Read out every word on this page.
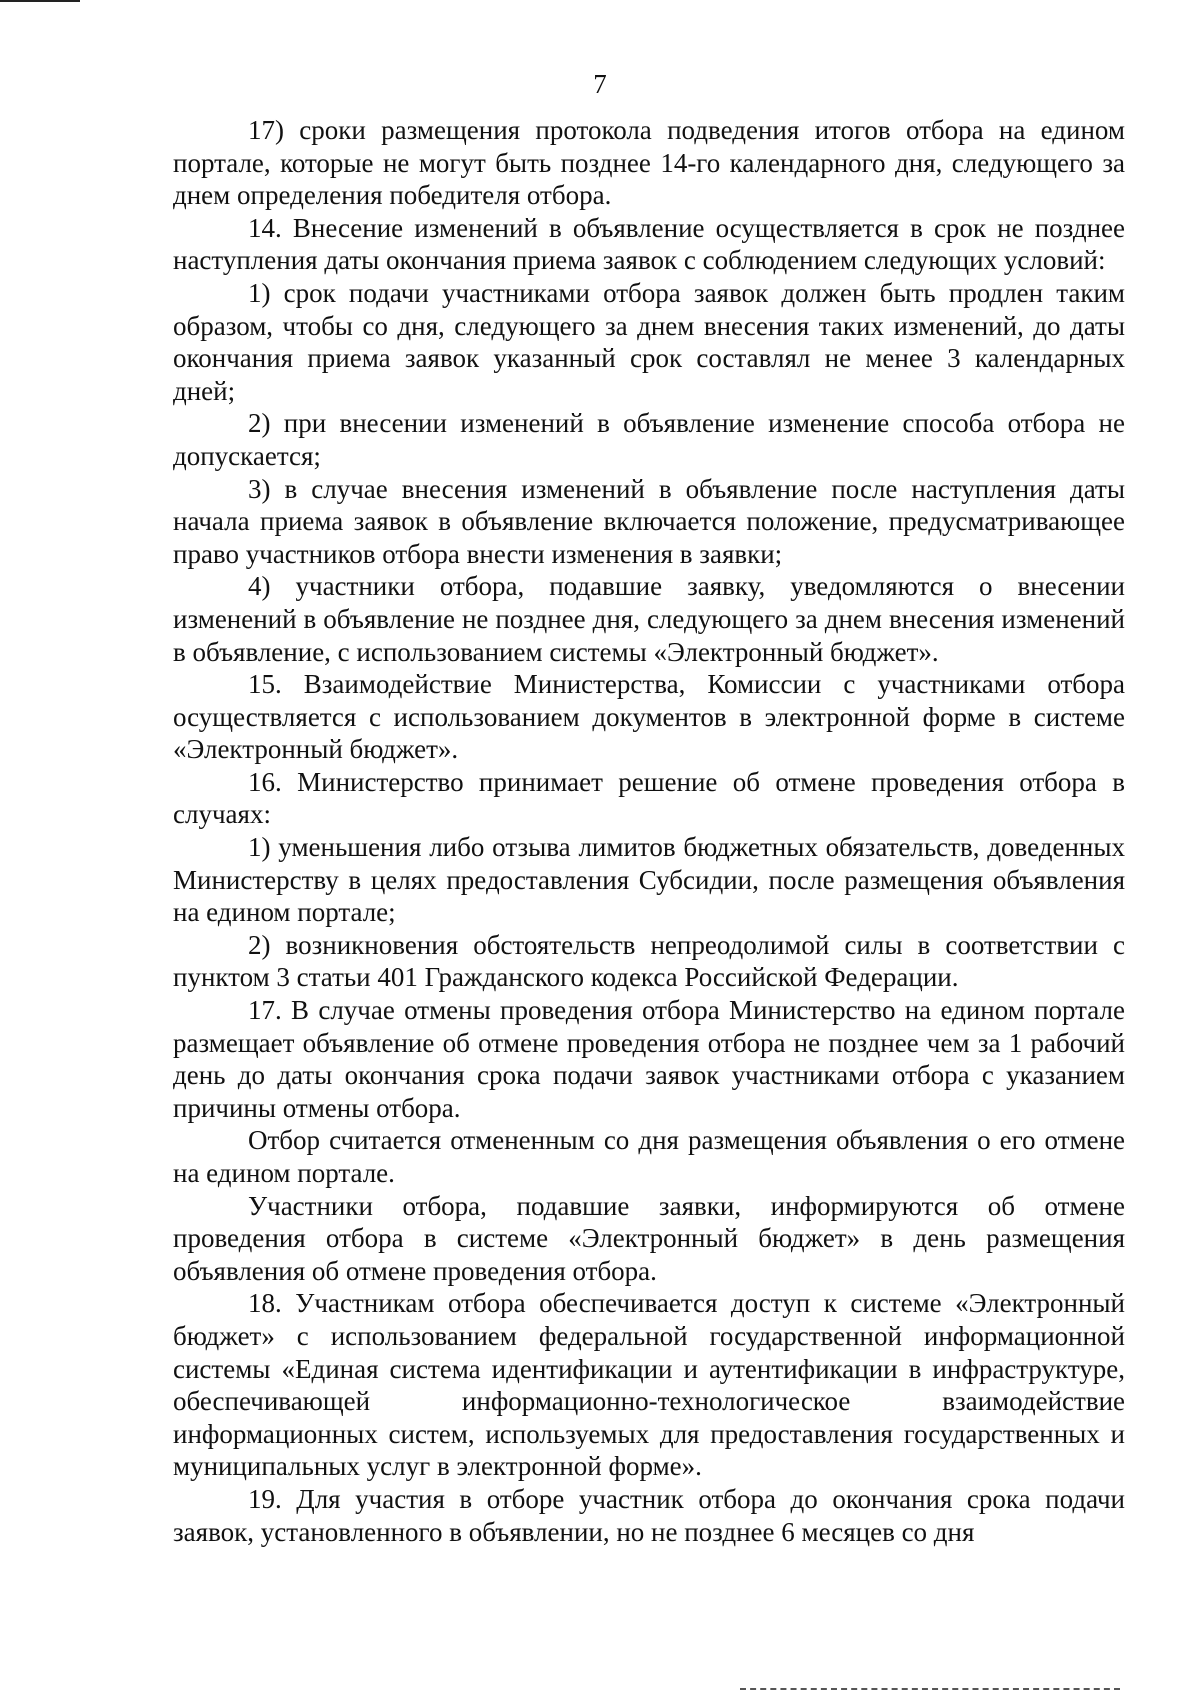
7

17) сроки размещения протокола подведения итогов отбора на едином портале, которые не могут быть позднее 14-го календарного дня, следующего за днем определения победителя отбора.

14. Внесение изменений в объявление осуществляется в срок не позднее наступления даты окончания приема заявок с соблюдением следующих условий:

1) срок подачи участниками отбора заявок должен быть продлен таким образом, чтобы со дня, следующего за днем внесения таких изменений, до даты окончания приема заявок указанный срок составлял не менее 3 календарных дней;

2) при внесении изменений в объявление изменение способа отбора не допускается;

3) в случае внесения изменений в объявление после наступления даты начала приема заявок в объявление включается положение, предусматривающее право участников отбора внести изменения в заявки;

4) участники отбора, подавшие заявку, уведомляются о внесении изменений в объявление не позднее дня, следующего за днем внесения изменений в объявление, с использованием системы «Электронный бюджет».

15. Взаимодействие Министерства, Комиссии с участниками отбора осуществляется с использованием документов в электронной форме в системе «Электронный бюджет».

16. Министерство принимает решение об отмене проведения отбора в случаях:

1) уменьшения либо отзыва лимитов бюджетных обязательств, доведенных Министерству в целях предоставления Субсидии, после размещения объявления на едином портале;

2) возникновения обстоятельств непреодолимой силы в соответствии с пунктом 3 статьи 401 Гражданского кодекса Российской Федерации.

17. В случае отмены проведения отбора Министерство на едином портале размещает объявление об отмене проведения отбора не позднее чем за 1 рабочий день до даты окончания срока подачи заявок участниками отбора с указанием причины отмены отбора.

Отбор считается отмененным со дня размещения объявления о его отмене на едином портале.

Участники отбора, подавшие заявки, информируются об отмене проведения отбора в системе «Электронный бюджет» в день размещения объявления об отмене проведения отбора.

18. Участникам отбора обеспечивается доступ к системе «Электронный бюджет» с использованием федеральной государственной информационной системы «Единая система идентификации и аутентификации в инфраструктуре, обеспечивающей информационно-технологическое взаимодействие информационных систем, используемых для предоставления государственных и муниципальных услуг в электронной форме».

19. Для участия в отборе участник отбора до окончания срока подачи заявок, установленного в объявлении, но не позднее 6 месяцев со дня
